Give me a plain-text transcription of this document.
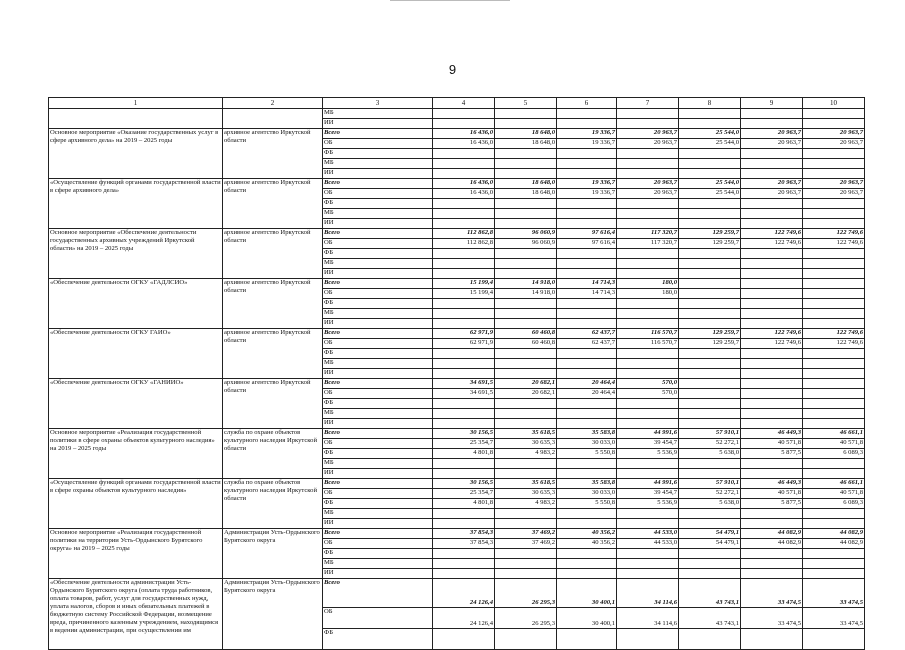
9
1	2	3	4	5	6	7	8	9	10
		МБ							
		ИИ							
Основное мероприятие «Оказание государственных услуг в сфере архивного дела» на 2019 – 2025 годы	архивное агентство Иркутской области	Всего	16 436,0	18 648,0	19 336,7	20 963,7	25 544,0	20 963,7	20 963,7
		ОБ	16 436,0	18 648,0	19 336,7	20 963,7	25 544,0	20 963,7	20 963,7
		ФБ							
		МБ							
		ИИ							
«Осуществление функций органами государственной власти в сфере архивного дела»	архивное агентство Иркутской области	Всего	16 436,0	18 648,0	19 336,7	20 963,7	25 544,0	20 963,7	20 963,7
		ОБ	16 436,0	18 648,0	19 336,7	20 963,7	25 544,0	20 963,7	20 963,7
		ФБ							
		МБ							
		ИИ							
Основное мероприятие «Обеспечение деятельности государственных архивных учреждений Иркутской области» на 2019 – 2025 годы	архивное агентство Иркутской области	Всего	112 862,8	96 060,9	97 616,4	117 320,7	129 259,7	122 749,6	122 749,6
		ОБ	112 862,8	96 060,9	97 616,4	117 320,7	129 259,7	122 749,6	122 749,6
		ФБ							
		МБ							
		ИИ							
«Обеспечение деятельности ОГКУ «ГАДЛСИО»	архивное агентство Иркутской области	Всего	15 199,4	14 918,0	14 714,3	180,0			
		ОБ	15 199,4	14 918,0	14 714,3	180,0			
		ФБ							
		МБ							
		ИИ							
«Обеспечение деятельности ОГКУ ГАИО»	архивное агентство Иркутской области	Всего	62 971,9	60 460,8	62 437,7	116 570,7	129 259,7	122 749,6	122 749,6
		ОБ	62 971,9	60 460,8	62 437,7	116 570,7	129 259,7	122 749,6	122 749,6
		ФБ							
		МБ							
		ИИ							
«Обеспечение деятельности ОГКУ «ГАНИИО»	архивное агентство Иркутской области	Всего	34 691,5	20 682,1	20 464,4	570,0			
		ОБ	34 691,5	20 682,1	20 464,4	570,0			
		ФБ							
		МБ							
		ИИ							
Основное мероприятие «Реализация государственной политики в сфере охраны объектов культурного наследия» на 2019 – 2025 годы	служба по охране объектов культурного наследия Иркутской области	Всего	30 156,5	35 618,5	35 583,8	44 991,6	57 910,1	46 449,3	46 661,1
		ОБ	25 354,7	30 635,3	30 033,0	39 454,7	52 272,1	40 571,8	40 571,8
		ФБ	4 801,8	4 983,2	5 550,8	5 536,9	5 638,0	5 877,5	6 089,3
		МБ							
		ИИ							
«Осуществление функций органами государственной власти в сфере охраны объектов культурного наследия»	служба по охране объектов культурного наследия Иркутской области	Всего	30 156,5	35 618,5	35 583,8	44 991,6	57 910,1	46 449,3	46 661,1
		ОБ	25 354,7	30 635,3	30 033,0	39 454,7	52 272,1	40 571,8	40 571,8
		ФБ	4 801,8	4 983,2	5 550,8	5 536,9	5 638,0	5 877,5	6 089,3
		МБ							
		ИИ							
Основное мероприятие «Реализация государственной политики на территории Усть-Ордынского Бурятского округа» на 2019 – 2025 годы	Администрация Усть-Ордынского Бурятского округа	Всего	37 854,3	37 469,2	40 356,2	44 533,0	54 479,1	44 082,9	44 082,9
		ОБ	37 854,3	37 469,2	40 356,2	44 533,0	54 479,1	44 082,9	44 082,9
		ФБ							
		МБ							
		ИИ							
«Обеспечение деятельности администрации Усть-Ордынского Бурятского округа (оплата труда работников, оплата товаров, работ, услуг для государственных нужд, уплата налогов, сборов и иных обязательных платежей в бюджетную систему Российской Федерации, возмещение вреда, причиненного казенным учреждением, находящимся в ведении администрации, при осуществлении им	Администрация Усть-Ордынского Бурятского округа	Всего	24 126,4	26 295,3	30 400,1	34 114,6	43 743,1	33 474,5	33 474,5
		ОБ	24 126,4	26 295,3	30 400,1	34 114,6	43 743,1	33 474,5	33 474,5
		ФБ							
